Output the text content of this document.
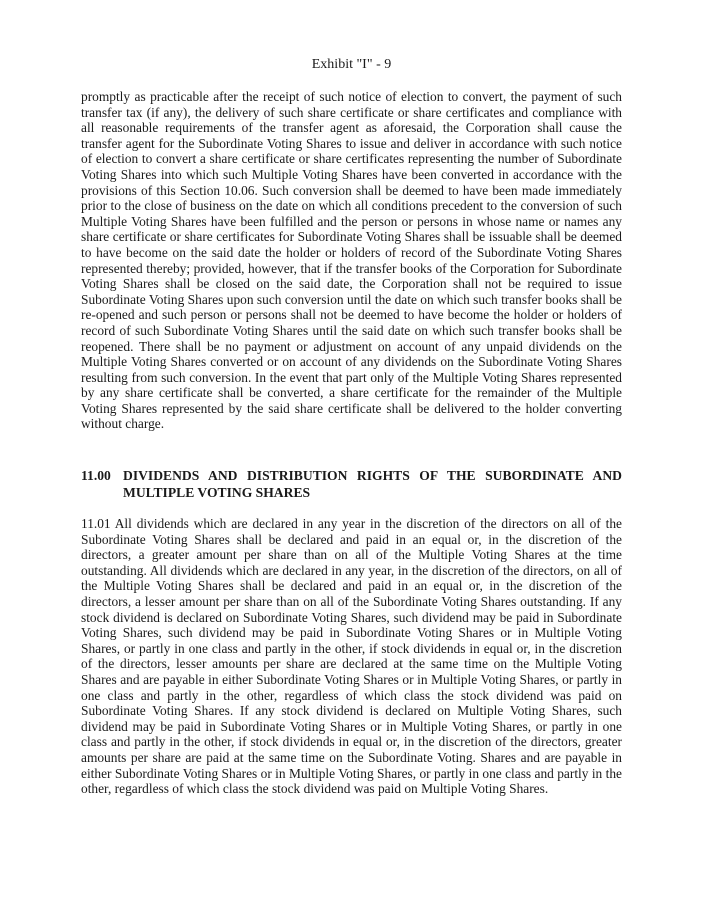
Exhibit "I" - 9

promptly as practicable after the receipt of such notice of election to convert, the payment of such transfer tax (if any), the delivery of such share certificate or share certificates and compliance with all reasonable requirements of the transfer agent as aforesaid, the Corporation shall cause the transfer agent for the Subordinate Voting Shares to issue and deliver in accordance with such notice of election to convert a share certificate or share certificates representing the number of Subordinate Voting Shares into which such Multiple Voting Shares have been converted in accordance with the provisions of this Section 10.06. Such conversion shall be deemed to have been made immediately prior to the close of business on the date on which all conditions precedent to the conversion of such Multiple Voting Shares have been fulfilled and the person or persons in whose name or names any share certificate or share certificates for Subordinate Voting Shares shall be issuable shall be deemed to have become on the said date the holder or holders of record of the Subordinate Voting Shares represented thereby; provided, however, that if the transfer books of the Corporation for Subordinate Voting Shares shall be closed on the said date, the Corporation shall not be required to issue Subordinate Voting Shares upon such conversion until the date on which such transfer books shall be re-opened and such person or persons shall not be deemed to have become the holder or holders of record of such Subordinate Voting Shares until the said date on which such transfer books shall be reopened. There shall be no payment or adjustment on account of any unpaid dividends on the Multiple Voting Shares converted or on account of any dividends on the Subordinate Voting Shares resulting from such conversion. In the event that part only of the Multiple Voting Shares represented by any share certificate shall be converted, a share certificate for the remainder of the Multiple Voting Shares represented by the said share certificate shall be delivered to the holder converting without charge.

11.00 DIVIDENDS AND DISTRIBUTION RIGHTS OF THE SUBORDINATE AND MULTIPLE VOTING SHARES

11.01 All dividends which are declared in any year in the discretion of the directors on all of the Subordinate Voting Shares shall be declared and paid in an equal or, in the discretion of the directors, a greater amount per share than on all of the Multiple Voting Shares at the time outstanding. All dividends which are declared in any year, in the discretion of the directors, on all of the Multiple Voting Shares shall be declared and paid in an equal or, in the discretion of the directors, a lesser amount per share than on all of the Subordinate Voting Shares outstanding. If any stock dividend is declared on Subordinate Voting Shares, such dividend may be paid in Subordinate Voting Shares, such dividend may be paid in Subordinate Voting Shares or in Multiple Voting Shares, or partly in one class and partly in the other, if stock dividends in equal or, in the discretion of the directors, lesser amounts per share are declared at the same time on the Multiple Voting Shares and are payable in either Subordinate Voting Shares or in Multiple Voting Shares, or partly in one class and partly in the other, regardless of which class the stock dividend was paid on Subordinate Voting Shares. If any stock dividend is declared on Multiple Voting Shares, such dividend may be paid in Subordinate Voting Shares or in Multiple Voting Shares, or partly in one class and partly in the other, if stock dividends in equal or, in the discretion of the directors, greater amounts per share are paid at the same time on the Subordinate Voting. Shares and are payable in either Subordinate Voting Shares or in Multiple Voting Shares, or partly in one class and partly in the other, regardless of which class the stock dividend was paid on Multiple Voting Shares.
